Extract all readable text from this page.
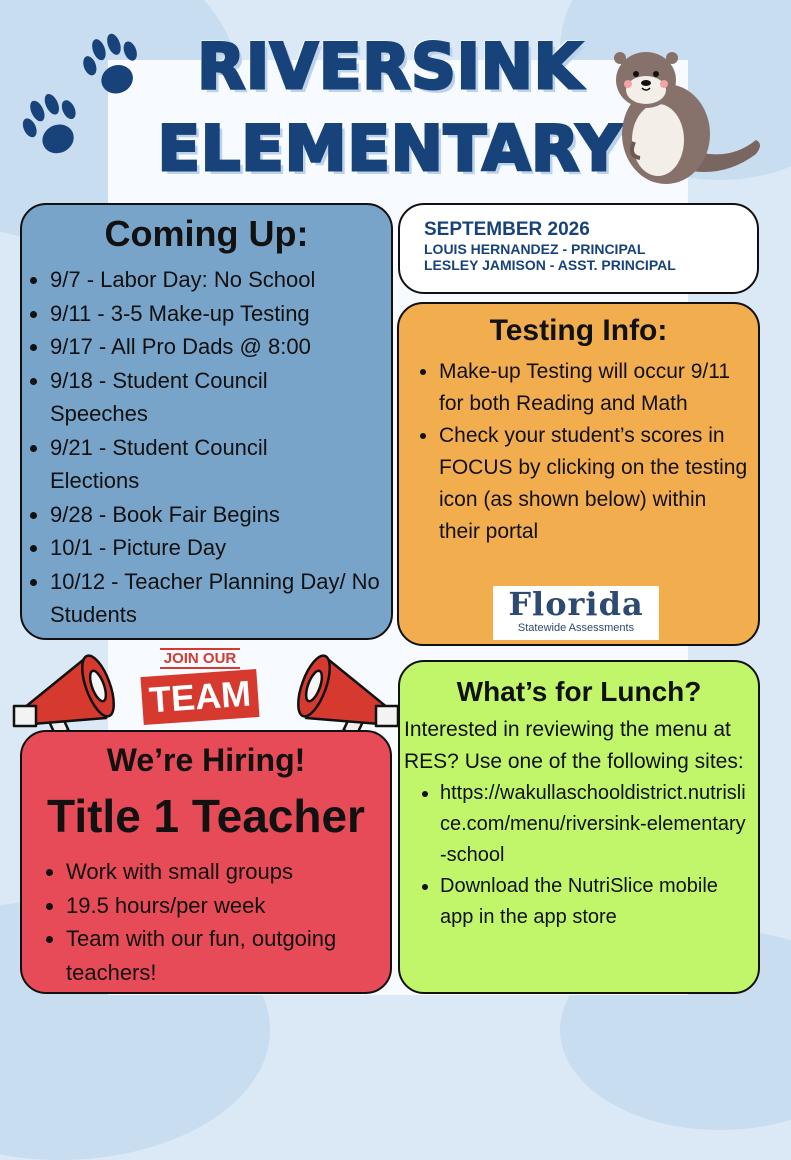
RIVERSINK
ELEMENTARY
Coming Up:
• 9/7 - Labor Day: No School
• 9/11 - 3-5 Make-up Testing
• 9/17 - All Pro Dads @ 8:00
• 9/18 - Student Council Speeches
• 9/21 - Student Council Elections
• 9/28 - Book Fair Begins
• 10/1 - Picture Day
• 10/12 - Teacher Planning Day/ No Students
SEPTEMBER 2026
LOUIS HERNANDEZ - PRINCIPAL
LESLEY JAMISON - ASST. PRINCIPAL
Testing Info:
• Make-up Testing will occur 9/11 for both Reading and Math
• Check your student’s scores in FOCUS by clicking on the testing icon (as shown below) within their portal
Florida
Statewide Assessments
JOIN OUR
TEAM
We’re Hiring!
Title 1 Teacher
• Work with small groups
• 19.5 hours/per week
• Team with our fun, outgoing teachers!
What’s for Lunch?

Interested in reviewing the menu at RES? Use one of the following sites:

• https://wakullaschooldistrict.nutrislice.com/menu/riversink-elementary-school
• Download the NutriSlice mobile app in the app store
